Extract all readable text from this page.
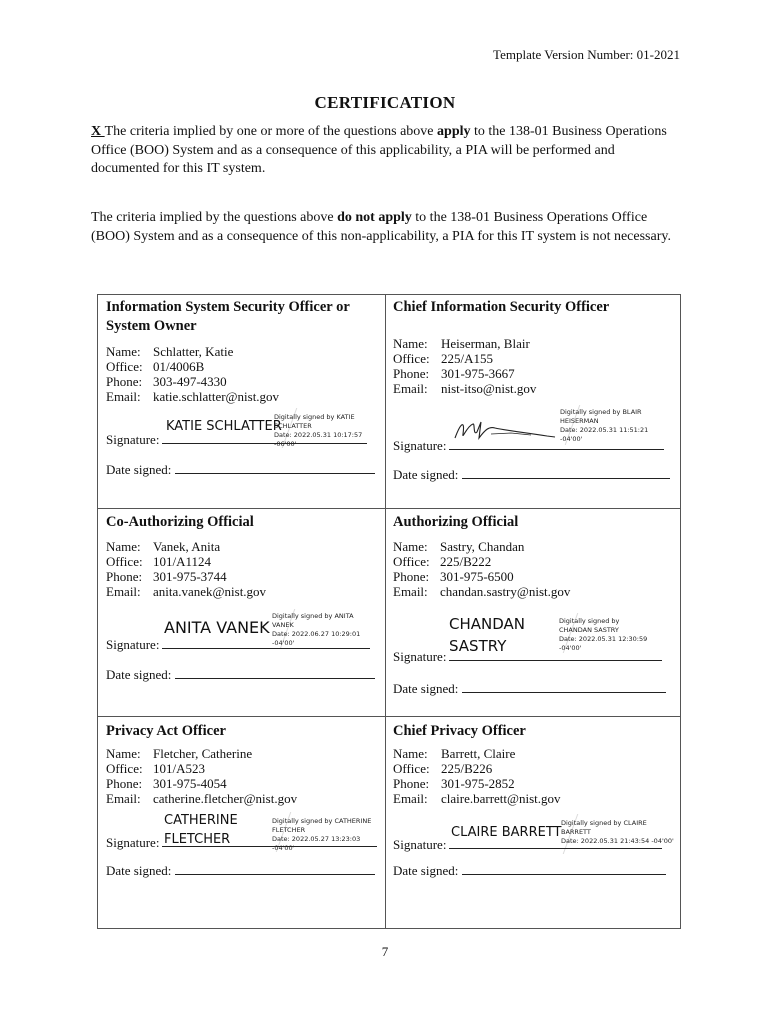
Template Version Number: 01-2021
CERTIFICATION
X The criteria implied by one or more of the questions above apply to the 138-01 Business Operations Office (BOO) System and as a consequence of this applicability, a PIA will be performed and documented for this IT system.
The criteria implied by the questions above do not apply to the 138-01 Business Operations Office (BOO) System and as a consequence of this non-applicability, a PIA for this IT system is not necessary.
Information System Security Officer or System Owner
Name: Schlatter, Katie
Office: 01/4006B
Phone: 303-497-4330
Email: katie.schlatter@nist.gov
KATIE SCHLATTER
Digitally signed by KATIE
SCHLATTER
Date: 2022.05.31 10:17:57 -06'00'
Signature:
Date signed:
Chief Information Security Officer
Name:	Heiserman, Blair
Office: 225/A155
Phone: 301-975-3667
Email:	nist-itso@nist.gov
Digitally signed by BLAIR
HEISERMAN
Date: 2022.05.31 11:51:21
-04'00'
Signature:
Date signed:
Co-Authorizing Official
Name: Vanek, Anita
Office: 101/A1124
Phone: 301-975-3744
Email: anita.vanek@nist.gov
ANITA VANEK
Digitally signed by ANITA
VANEK
Date: 2022.06.27 10:29:01
-04'00'
Signature:
Date signed:
Authorizing Official
Name: Sastry, Chandan
Office: 225/B222
Phone: 301-975-6500
Email: chandan.sastry@nist.gov
CHANDAN
SASTRY
Digitally signed by
CHANDAN SASTRY
Date: 2022.05.31 12:30:59
-04'00'
Signature:
Date signed:
Privacy Act Officer
Name: Fletcher, Catherine
Office: 101/A523
Phone: 301-975-4054
Email: catherine.fletcher@nist.gov
CATHERINE
FLETCHER
Digitally signed by CATHERINE
FLETCHER
Date: 2022.05.27 13:23:03 -04'00'
Signature:
Date signed:
Chief Privacy Officer
Name:	Barrett, Claire
Office: 225/B226
Phone: 301-975-2852
Email:	claire.barrett@nist.gov
CLAIRE BARRETT
Digitally signed by CLAIRE
BARRETT
Date: 2022.05.31 21:43:54 -04'00'
Signature:
Date signed:
7
